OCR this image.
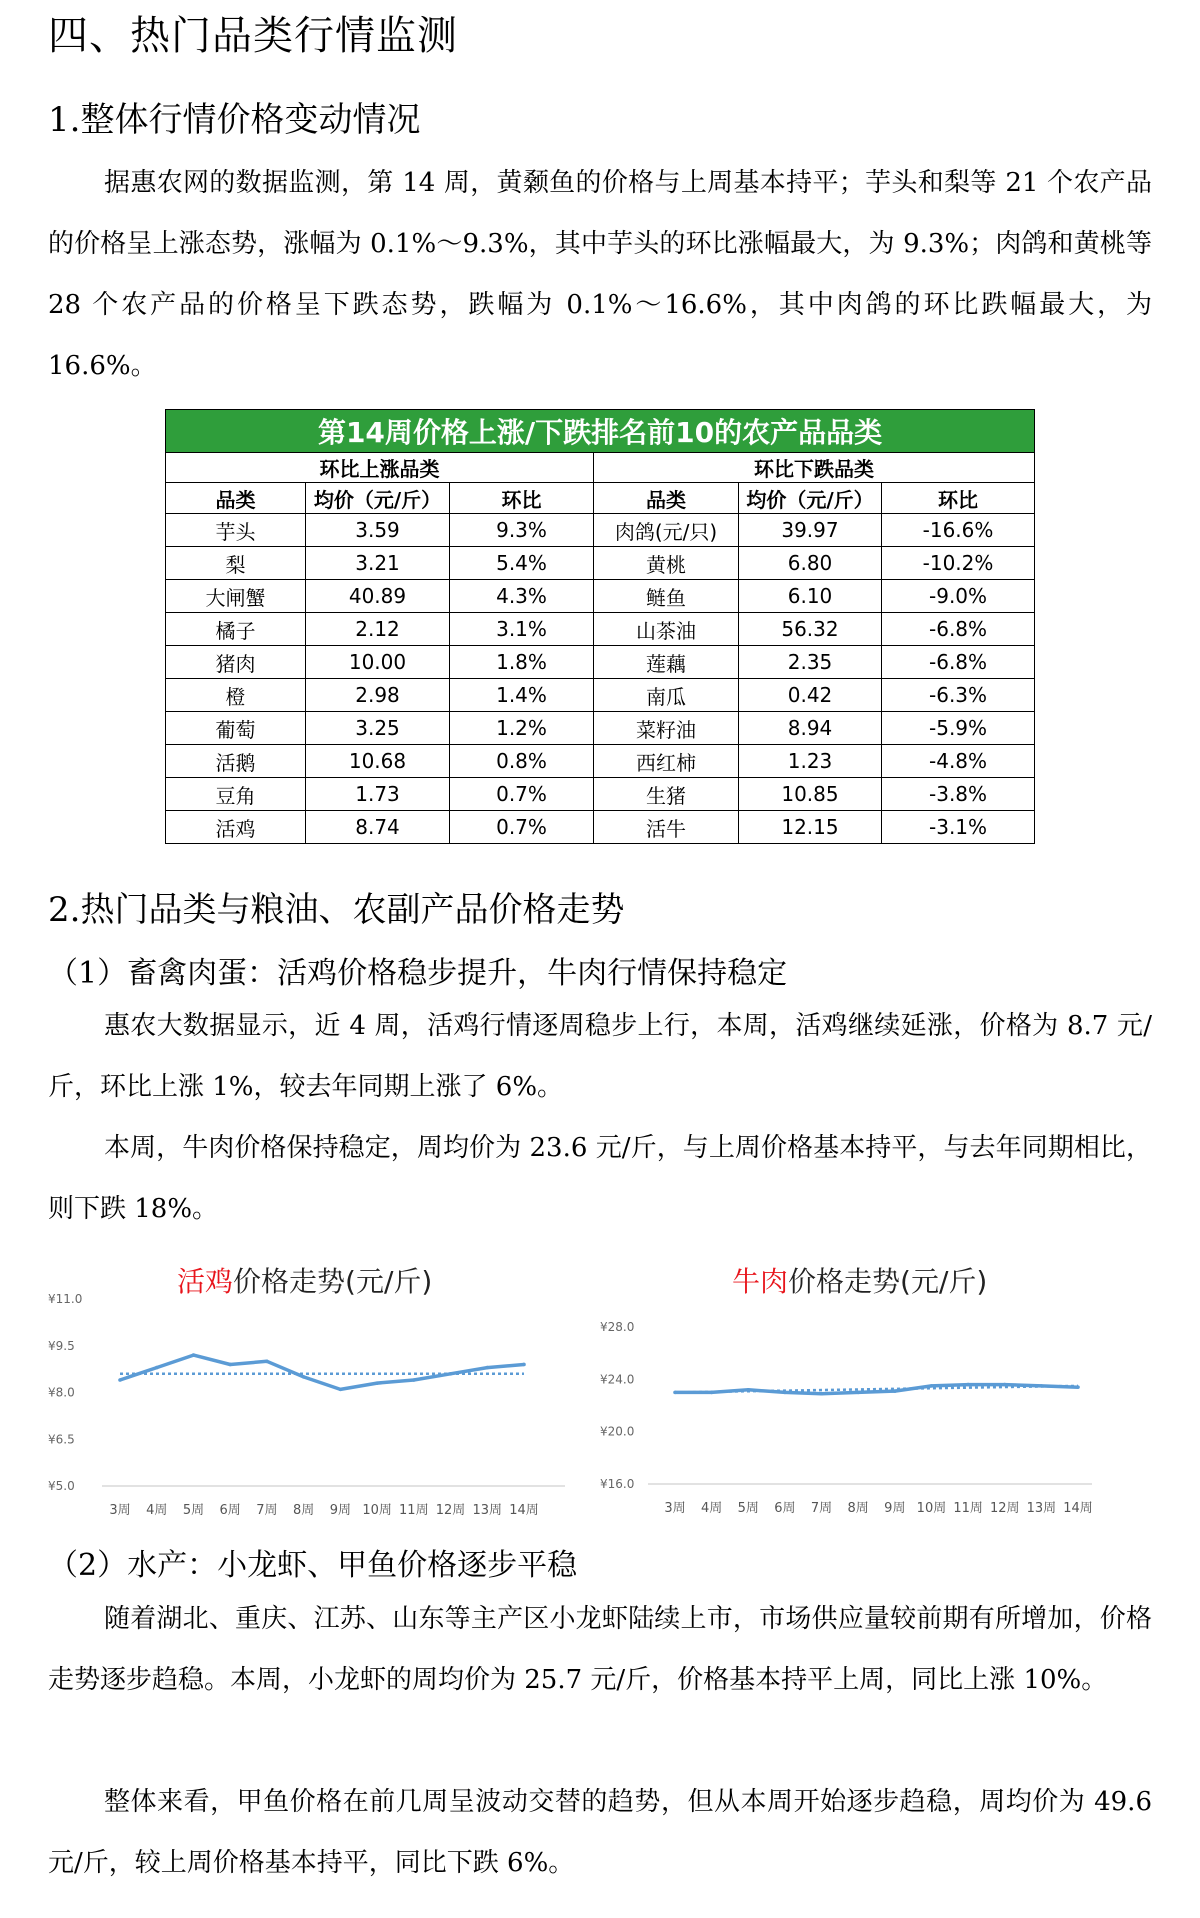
四、热门品类行情监测
1.整体行情价格变动情况
据惠农网的数据监测，第 14 周，黄颡鱼的价格与上周基本持平；芋头和梨等 21 个农产品的价格呈上涨态势，涨幅为 0.1%～9.3%，其中芋头的环比涨幅最大，为 9.3%；肉鸽和黄桃等 28 个农产品的价格呈下跌态势，跌幅为 0.1%～16.6%，其中肉鸽的环比跌幅最大，为 16.6%。
第14周价格上涨/下跌排名前10的农产品品类					
环比上涨品类			环比下跌品类		
品类	均价（元/斤）	环比	品类	均价（元/斤）	环比
芋头	3.59	9.3%	肉鸽(元/只)	39.97	-16.6%
梨	3.21	5.4%	黄桃	6.80	-10.2%
大闸蟹	40.89	4.3%	鲢鱼	6.10	-9.0%
橘子	2.12	3.1%	山茶油	56.32	-6.8%
猪肉	10.00	1.8%	莲藕	2.35	-6.8%
橙	2.98	1.4%	南瓜	0.42	-6.3%
葡萄	3.25	1.2%	菜籽油	8.94	-5.9%
活鹅	10.68	0.8%	西红柿	1.23	-4.8%
豆角	1.73	0.7%	生猪	10.85	-3.8%
活鸡	8.74	0.7%	活牛	12.15	-3.1%
2.热门品类与粮油、农副产品价格走势
（1）畜禽肉蛋：活鸡价格稳步提升，牛肉行情保持稳定
惠农大数据显示，近 4 周，活鸡行情逐周稳步上行，本周，活鸡继续延涨，价格为 8.7 元/斤，环比上涨 1%，较去年同期上涨了 6%。
本周，牛肉价格保持稳定，周均价为 23.6 元/斤，与上周价格基本持平，与去年同期相比，则下跌 18%。
活鸡价格走势(元/斤)
¥11.0
¥9.5
¥8.0
¥6.5
¥5.0
3周 4周 5周 6周 7周 8周 9周 10周 11周 12周 13周 14周
牛肉价格走势(元/斤)
¥28.0
¥24.0
¥20.0
¥16.0
3周 4周 5周 6周 7周 8周 9周 10周 11周 12周 13周 14周
（2）水产：小龙虾、甲鱼价格逐步平稳
随着湖北、重庆、江苏、山东等主产区小龙虾陆续上市，市场供应量较前期有所增加，价格走势逐步趋稳。本周，小龙虾的周均价为 25.7 元/斤，价格基本持平上周，同比上涨 10%。
整体来看，甲鱼价格在前几周呈波动交替的趋势，但从本周开始逐步趋稳，周均价为 49.6 元/斤，较上周价格基本持平，同比下跌 6%。
